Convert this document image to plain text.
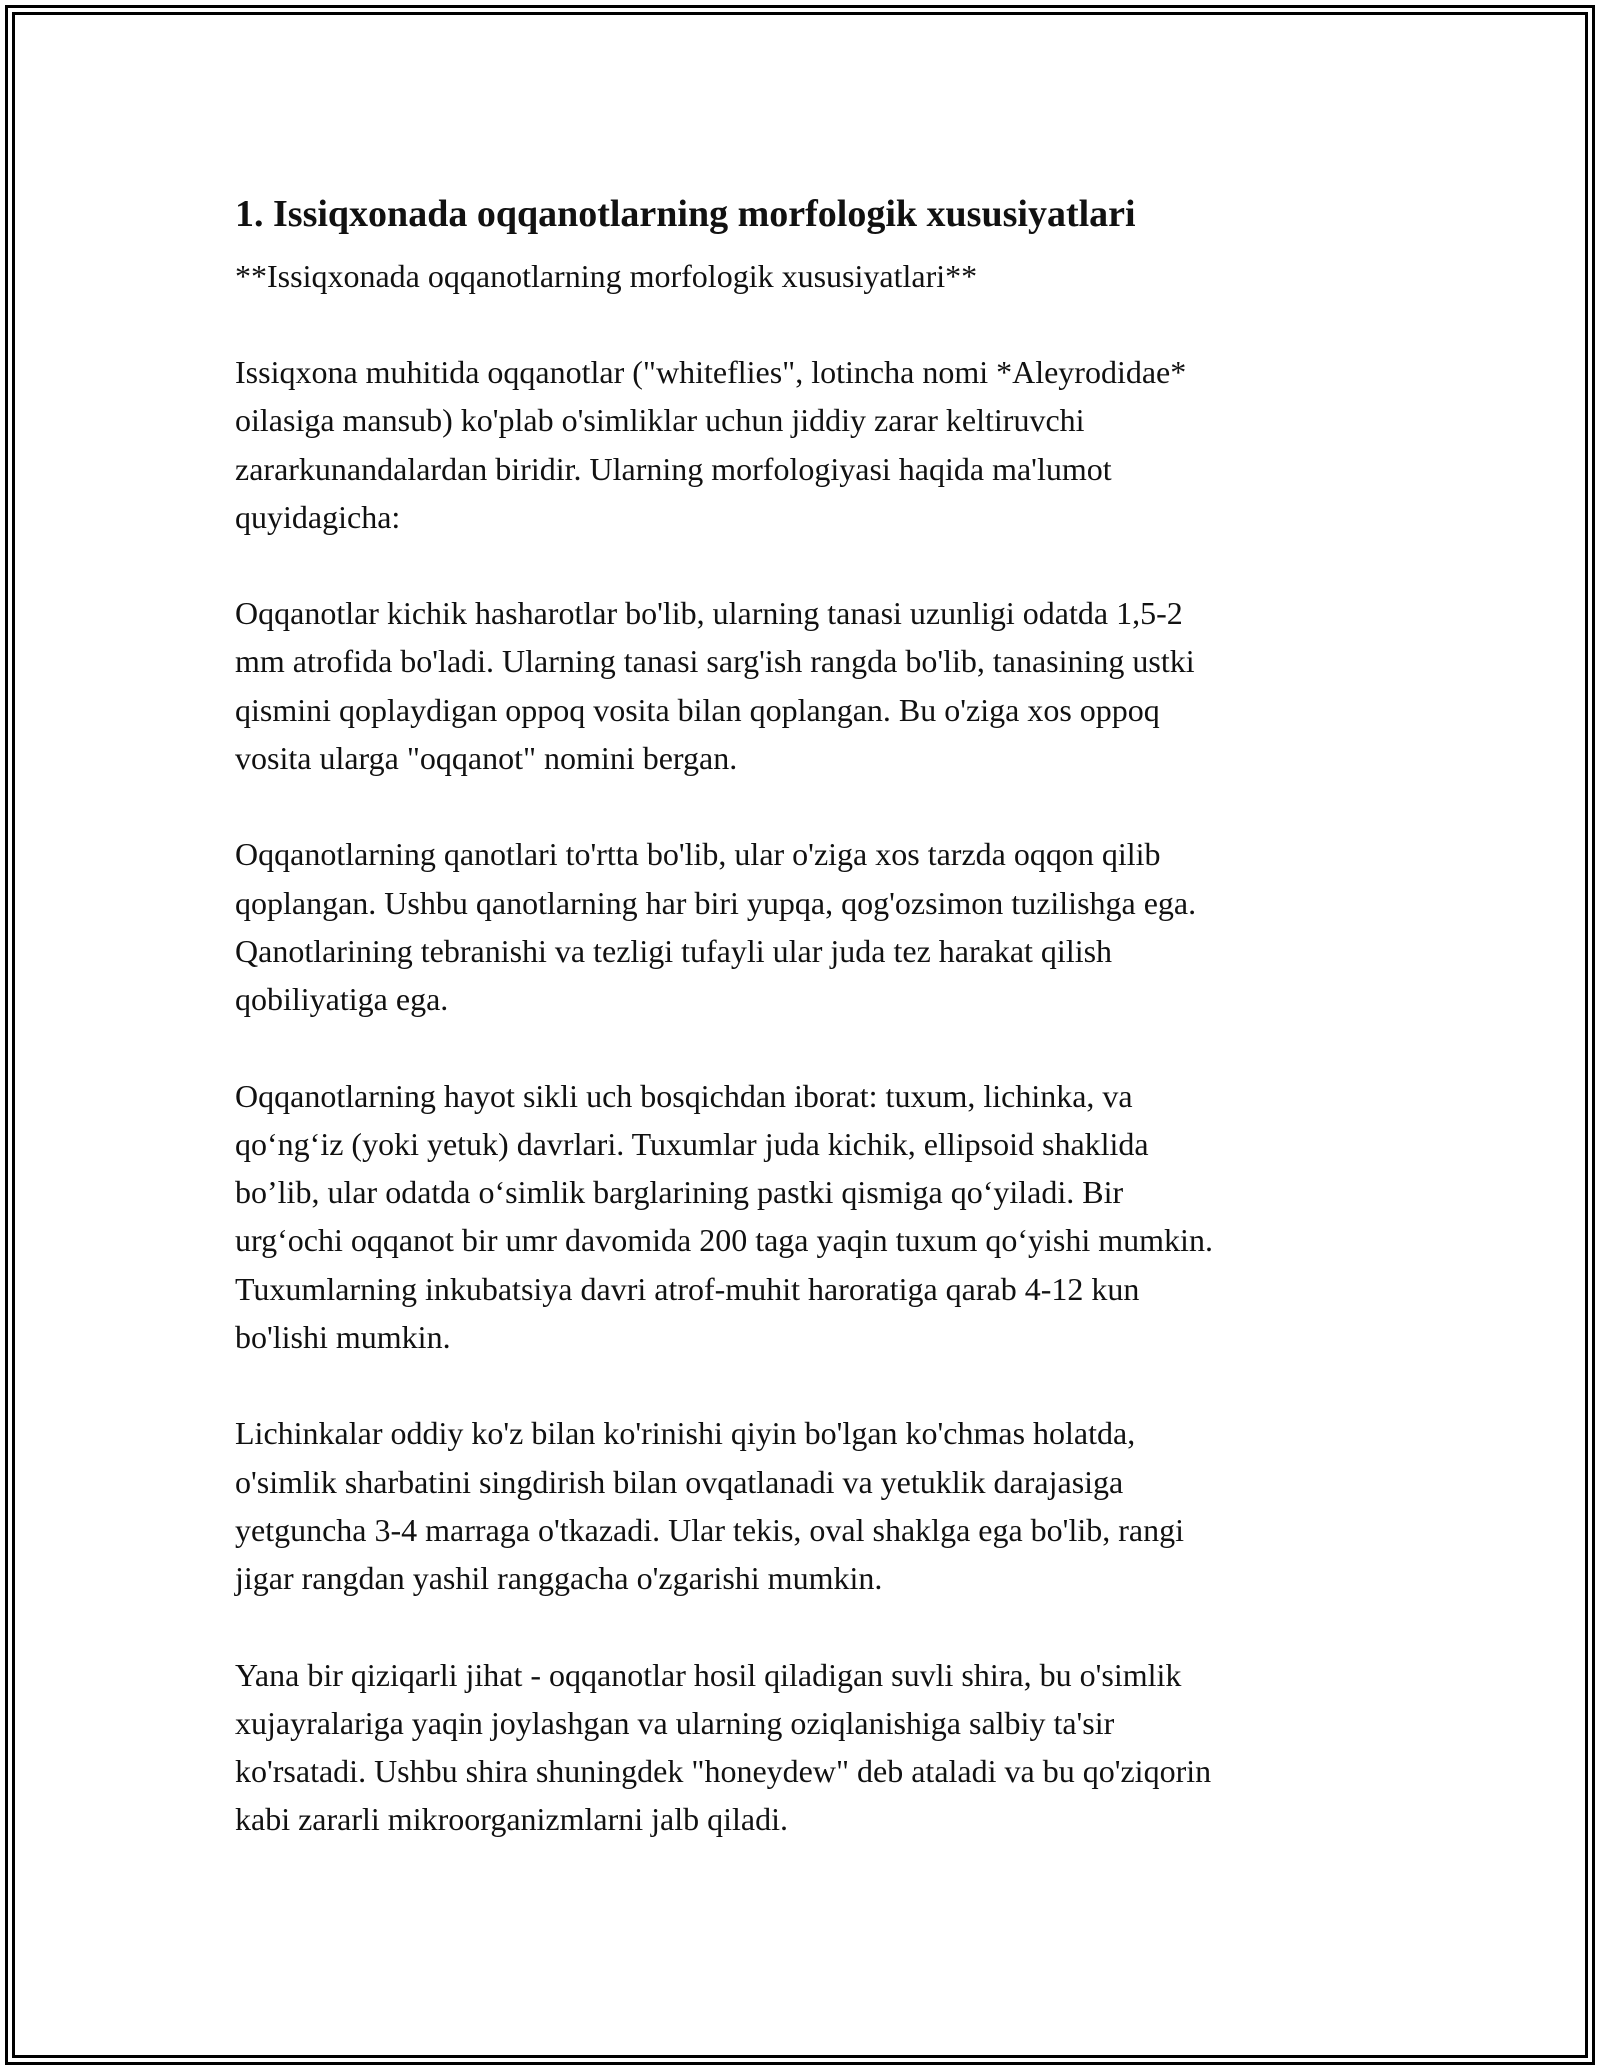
1. Issiqxonada oqqanotlarning morfologik xususiyatlari

**Issiqxonada oqqanotlarning morfologik xususiyatlari**

Issiqxona muhitida oqqanotlar ("whiteflies", lotincha nomi *Aleyrodidae*
oilasiga mansub) ko'plab o'simliklar uchun jiddiy zarar keltiruvchi
zararkunandalardan biridir. Ularning morfologiyasi haqida ma'lumot
quyidagicha:

Oqqanotlar kichik hasharotlar bo'lib, ularning tanasi uzunligi odatda 1,5-2
mm atrofida bo'ladi. Ularning tanasi sarg'ish rangda bo'lib, tanasining ustki
qismini qoplaydigan oppoq vosita bilan qoplangan. Bu o'ziga xos oppoq
vosita ularga "oqqanot" nomini bergan.

Oqqanotlarning qanotlari to'rtta bo'lib, ular o'ziga xos tarzda oqqon qilib
qoplangan. Ushbu qanotlarning har biri yupqa, qog'ozsimon tuzilishga ega.
Qanotlarining tebranishi va tezligi tufayli ular juda tez harakat qilish
qobiliyatiga ega.

Oqqanotlarning hayot sikli uch bosqichdan iborat: tuxum, lichinka, va
qo‘ng‘iz (yoki yetuk) davrlari. Tuxumlar juda kichik, ellipsoid shaklida
bo’lib, ular odatda o‘simlik barglarining pastki qismiga qo‘yiladi. Bir
urg‘ochi oqqanot bir umr davomida 200 taga yaqin tuxum qo‘yishi mumkin.
Tuxumlarning inkubatsiya davri atrof-muhit haroratiga qarab 4-12 kun
bo'lishi mumkin.

Lichinkalar oddiy ko'z bilan ko'rinishi qiyin bo'lgan ko'chmas holatda,
o'simlik sharbatini singdirish bilan ovqatlanadi va yetuklik darajasiga
yetguncha 3-4 marraga o'tkazadi. Ular tekis, oval shaklga ega bo'lib, rangi
jigar rangdan yashil ranggacha o'zgarishi mumkin.

Yana bir qiziqarli jihat - oqqanotlar hosil qiladigan suvli shira, bu o'simlik
xujayralariga yaqin joylashgan va ularning oziqlanishiga salbiy ta'sir
ko'rsatadi. Ushbu shira shuningdek "honeydew" deb ataladi va bu qo'ziqorin
kabi zararli mikroorganizmlarni jalb qiladi.
